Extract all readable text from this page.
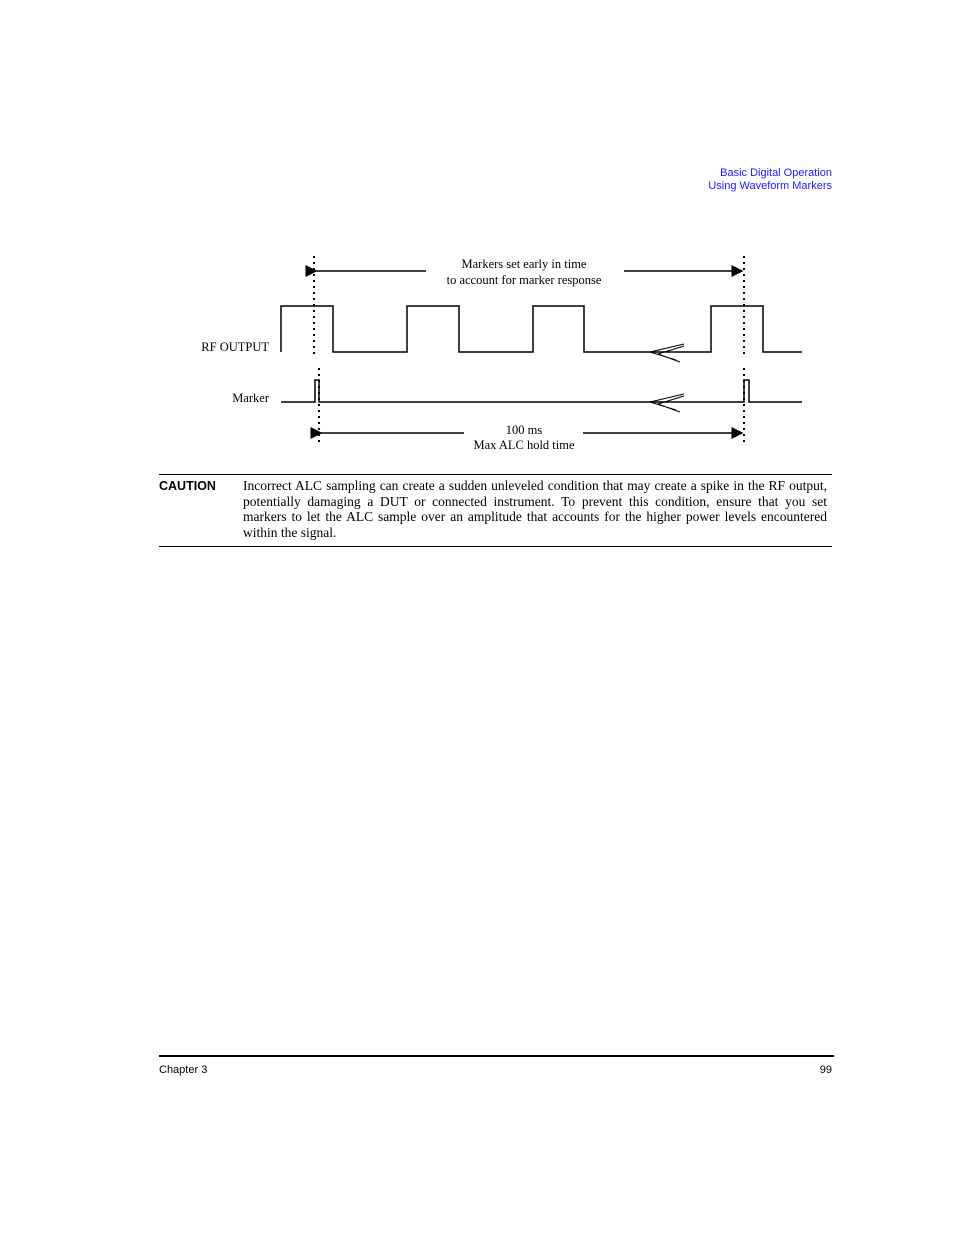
Basic Digital Operation
Using Waveform Markers
Markers set early in time
to account for marker response
RF OUTPUT
Marker
100 ms
Max ALC hold time
CAUTION Incorrect ALC sampling can create a sudden unleveled condition that may create a spike in the RF output, potentially damaging a DUT or connected instrument. To prevent this condition, ensure that you set markers to let the ALC sample over an amplitude that accounts for the higher power levels encountered within the signal.
Chapter 3	99
